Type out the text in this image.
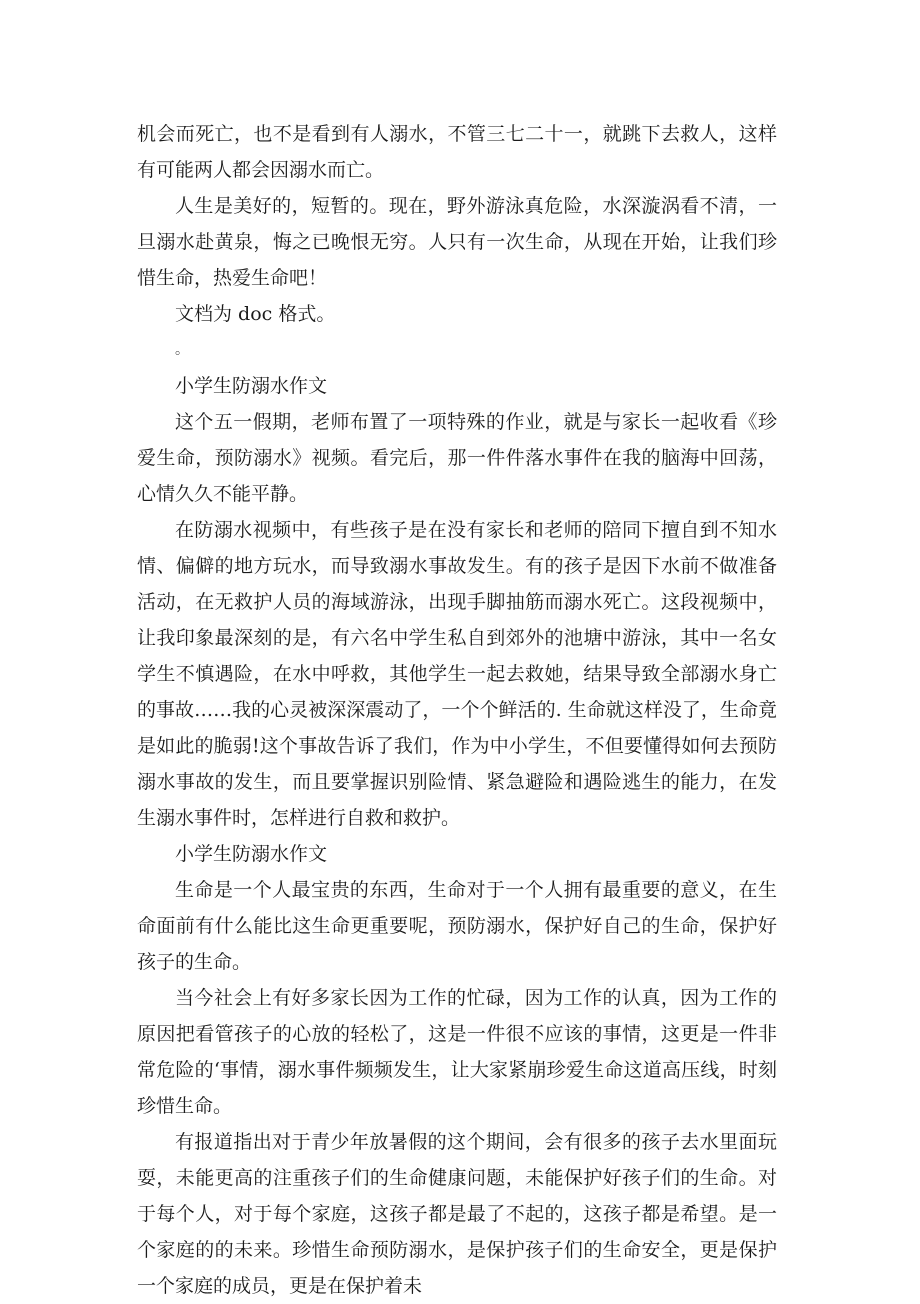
机会而死亡，也不是看到有人溺水，不管三七二十一，就跳下去救人，这样有可能两人都会因溺水而亡。

人生是美好的，短暂的。现在，野外游泳真危险，水深漩涡看不清，一旦溺水赴黄泉，悔之已晚恨无穷。人只有一次生命，从现在开始，让我们珍惜生命，热爱生命吧！

文档为 doc 格式。

。

小学生防溺水作文

这个五一假期，老师布置了一项特殊的作业，就是与家长一起收看《珍爱生命，预防溺水》视频。看完后，那一件件落水事件在我的脑海中回荡，心情久久不能平静。

在防溺水视频中，有些孩子是在没有家长和老师的陪同下擅自到不知水情、偏僻的地方玩水，而导致溺水事故发生。有的孩子是因下水前不做准备活动，在无救护人员的海域游泳，出现手脚抽筋而溺水死亡。这段视频中，让我印象最深刻的是，有六名中学生私自到郊外的池塘中游泳，其中一名女学生不慎遇险，在水中呼救，其他学生一起去救她，结果导致全部溺水身亡的事故……我的心灵被深深震动了，一个个鲜活的. 生命就这样没了，生命竟是如此的脆弱!这个事故告诉了我们，作为中小学生，不但要懂得如何去预防溺水事故的发生，而且要掌握识别险情、紧急避险和遇险逃生的能力，在发生溺水事件时，怎样进行自救和救护。

小学生防溺水作文

生命是一个人最宝贵的东西，生命对于一个人拥有最重要的意义，在生命面前有什么能比这生命更重要呢，预防溺水，保护好自己的生命，保护好孩子的生命。

当今社会上有好多家长因为工作的忙碌，因为工作的认真，因为工作的原因把看管孩子的心放的轻松了，这是一件很不应该的事情，这更是一件非常危险的‘事情，溺水事件频频发生，让大家紧崩珍爱生命这道高压线，时刻珍惜生命。

有报道指出对于青少年放暑假的这个期间，会有很多的孩子去水里面玩耍，未能更高的注重孩子们的生命健康问题，未能保护好孩子们的生命。对于每个人，对于每个家庭，这孩子都是最了不起的，这孩子都是希望。是一个家庭的的未来。珍惜生命预防溺水，是保护孩子们的生命安全，更是保护一个家庭的成员，更是在保护着未
